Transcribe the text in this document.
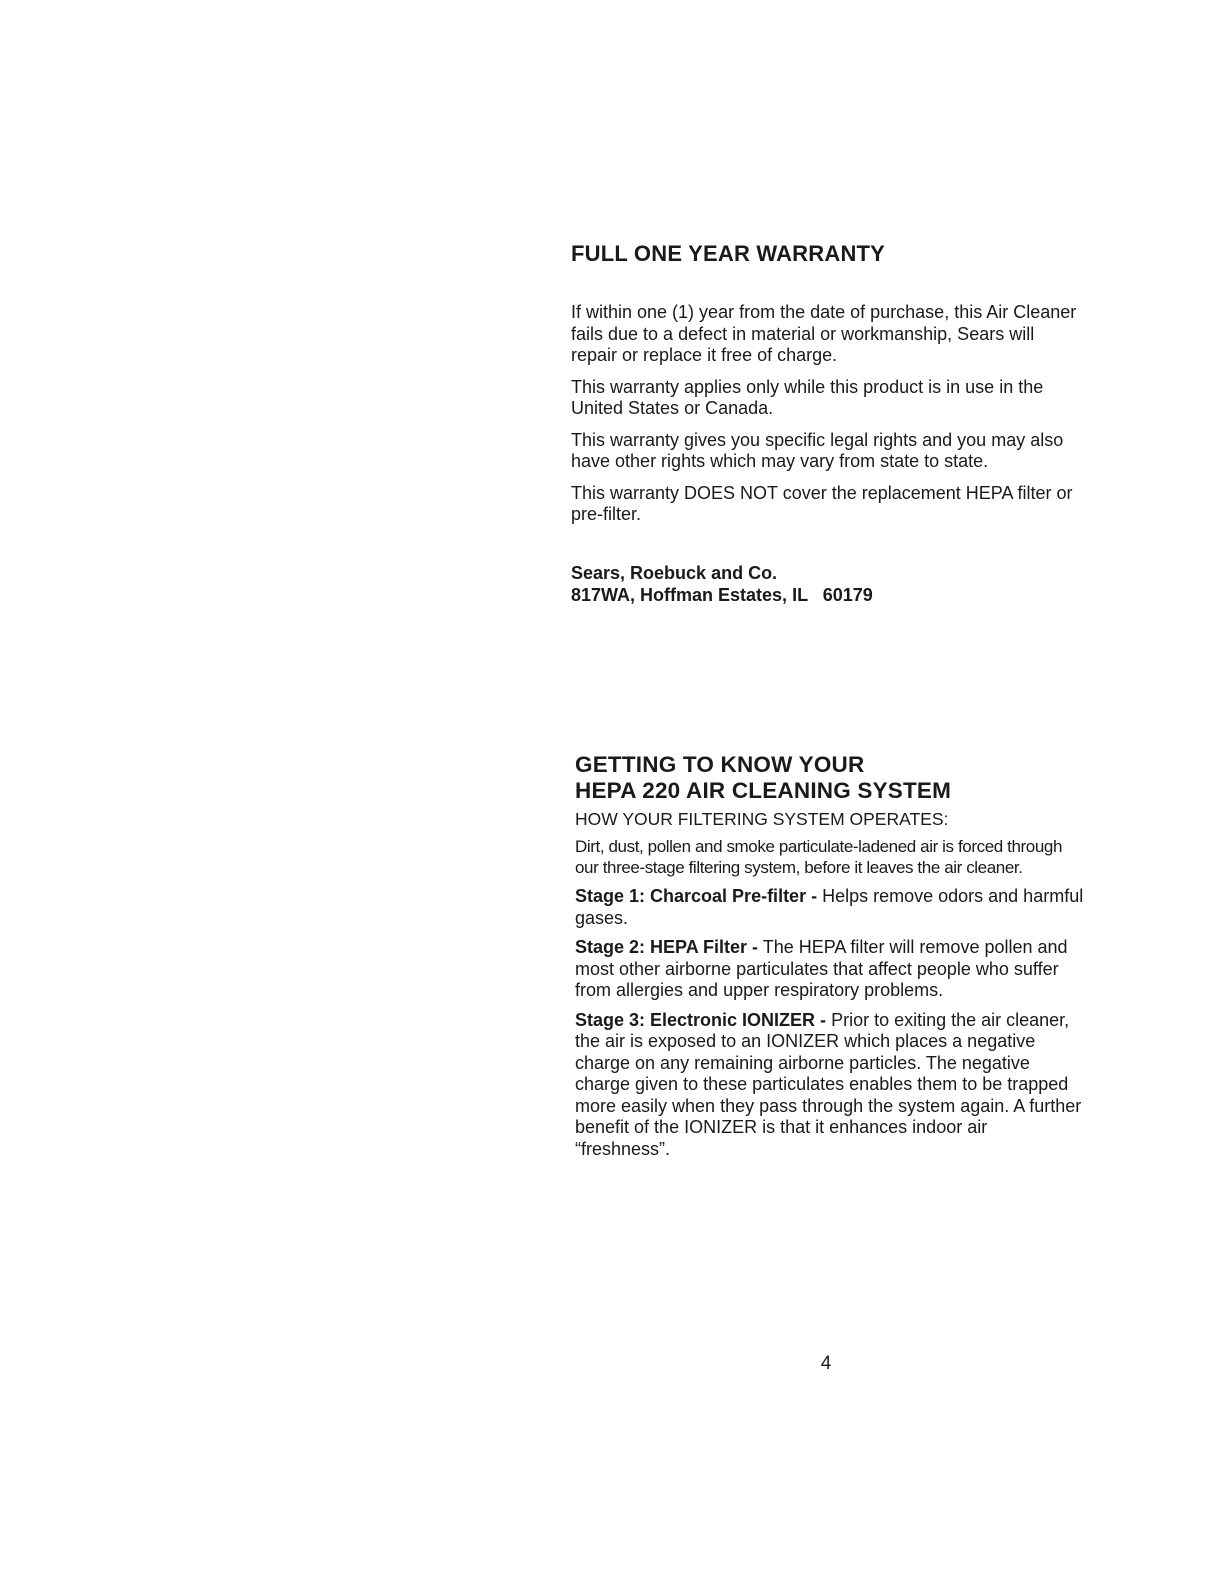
FULL ONE YEAR WARRANTY

If within one (1) year from the date of purchase, this Air Cleaner fails due to a defect in material or workmanship, Sears will repair or replace it free of charge.

This warranty applies only while this product is in use in the United States or Canada.

This warranty gives you specific legal rights and you may also have other rights which may vary from state to state.

This warranty DOES NOT cover the replacement HEPA filter or pre-filter.

Sears, Roebuck and Co.
817WA, Hoffman Estates, IL   60179
GETTING TO KNOW YOUR
HEPA 220 AIR CLEANING SYSTEM

HOW YOUR FILTERING SYSTEM OPERATES:

Dirt, dust, pollen and smoke particulate-ladened air is forced through our three-stage filtering system, before it leaves the air cleaner.

Stage 1: Charcoal Pre-filter - Helps remove odors and harmful gases.

Stage 2: HEPA Filter - The HEPA filter will remove pollen and most other airborne particulates that affect people who suffer from allergies and upper respiratory problems.

Stage 3: Electronic IONIZER - Prior to exiting the air cleaner, the air is exposed to an IONIZER which places a negative charge on any remaining airborne particles. The negative charge given to these particulates enables them to be trapped more easily when they pass through the system again. A further benefit of the IONIZER is that it enhances indoor air “freshness”.

4
